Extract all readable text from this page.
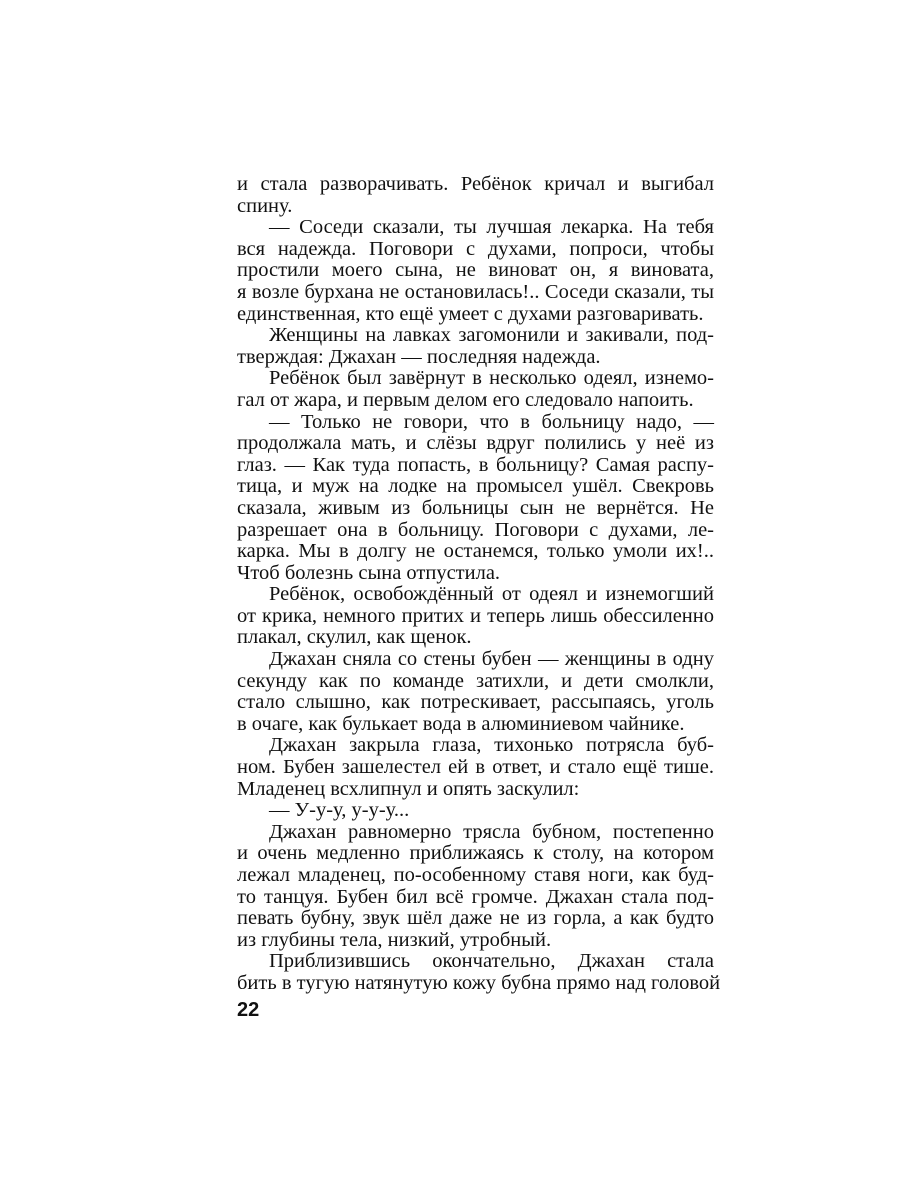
и стала разворачивать. Ребёнок кричал и выгибал
спину.
— Соседи сказали, ты лучшая лекарка. На тебя
вся надежда. Поговори с духами, попроси, чтобы
простили моего сына, не виноват он, я виновата,
я возле бурхана не остановилась!.. Соседи сказали, ты
единственная, кто ещё умеет с духами разговаривать.
Женщины на лавках загомонили и закивали, под-
тверждая: Джахан — последняя надежда.
Ребёнок был завёрнут в несколько одеял, изнемо-
гал от жара, и первым делом его следовало напоить.
— Только не говори, что в больницу надо, —
продолжала мать, и слёзы вдруг полились у неё из
глаз. — Как туда попасть, в больницу? Самая распу-
тица, и муж на лодке на промысел ушёл. Свекровь
сказала, живым из больницы сын не вернётся. Не
разрешает она в больницу. Поговори с духами, ле-
карка. Мы в долгу не останемся, только умоли их!..
Чтоб болезнь сына отпустила.
Ребёнок, освобождённый от одеял и изнемогший
от крика, немного притих и теперь лишь обессиленно
плакал, скулил, как щенок.
Джахан сняла со стены бубен — женщины в одну
секунду как по команде затихли, и дети смолкли,
стало слышно, как потрескивает, рассыпаясь, уголь
в очаге, как булькает вода в алюминиевом чайнике.
Джахан закрыла глаза, тихонько потрясла буб-
ном. Бубен зашелестел ей в ответ, и стало ещё тише.
Младенец всхлипнул и опять заскулил:
— У-у-у, у-у-у...
Джахан равномерно трясла бубном, постепенно
и очень медленно приближаясь к столу, на котором
лежал младенец, по-особенному ставя ноги, как буд-
то танцуя. Бубен бил всё громче. Джахан стала под-
певать бубну, звук шёл даже не из горла, а как будто
из глубины тела, низкий, утробный.
Приблизившись окончательно, Джахан стала
бить в тугую натянутую кожу бубна прямо над головой
22
